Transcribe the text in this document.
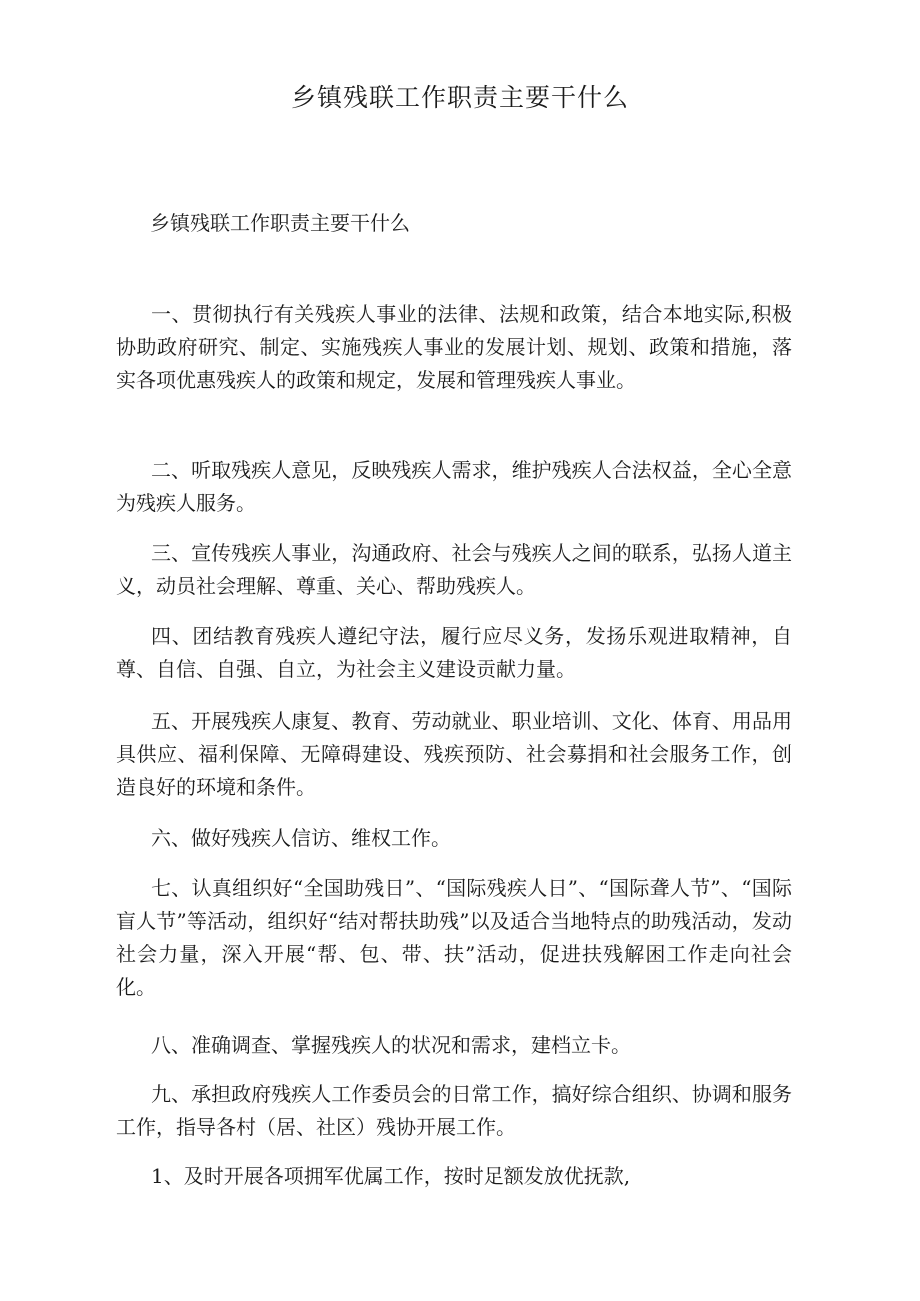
乡镇残联工作职责主要干什么

乡镇残联工作职责主要干什么

一、贯彻执行有关残疾人事业的法律、法规和政策，结合本地实际,积极协助政府研究、制定、实施残疾人事业的发展计划、规划、政策和措施，落实各项优惠残疾人的政策和规定，发展和管理残疾人事业。

二、听取残疾人意见，反映残疾人需求，维护残疾人合法权益，全心全意为残疾人服务。

三、宣传残疾人事业，沟通政府、社会与残疾人之间的联系，弘扬人道主义，动员社会理解、尊重、关心、帮助残疾人。

四、团结教育残疾人遵纪守法，履行应尽义务，发扬乐观进取精神，自尊、自信、自强、自立，为社会主义建设贡献力量。

五、开展残疾人康复、教育、劳动就业、职业培训、文化、体育、用品用具供应、福利保障、无障碍建设、残疾预防、社会募捐和社会服务工作，创造良好的环境和条件。

六、做好残疾人信访、维权工作。

七、认真组织好“全国助残日”、“国际残疾人日”、“国际聋人节”、“国际盲人节”等活动，组织好“结对帮扶助残”以及适合当地特点的助残活动，发动社会力量，深入开展“帮、包、带、扶”活动，促进扶残解困工作走向社会化。

八、准确调查、掌握残疾人的状况和需求，建档立卡。

九、承担政府残疾人工作委员会的日常工作，搞好综合组织、协调和服务工作，指导各村（居、社区）残协开展工作。

1、及时开展各项拥军优属工作，按时足额发放优抚款,
